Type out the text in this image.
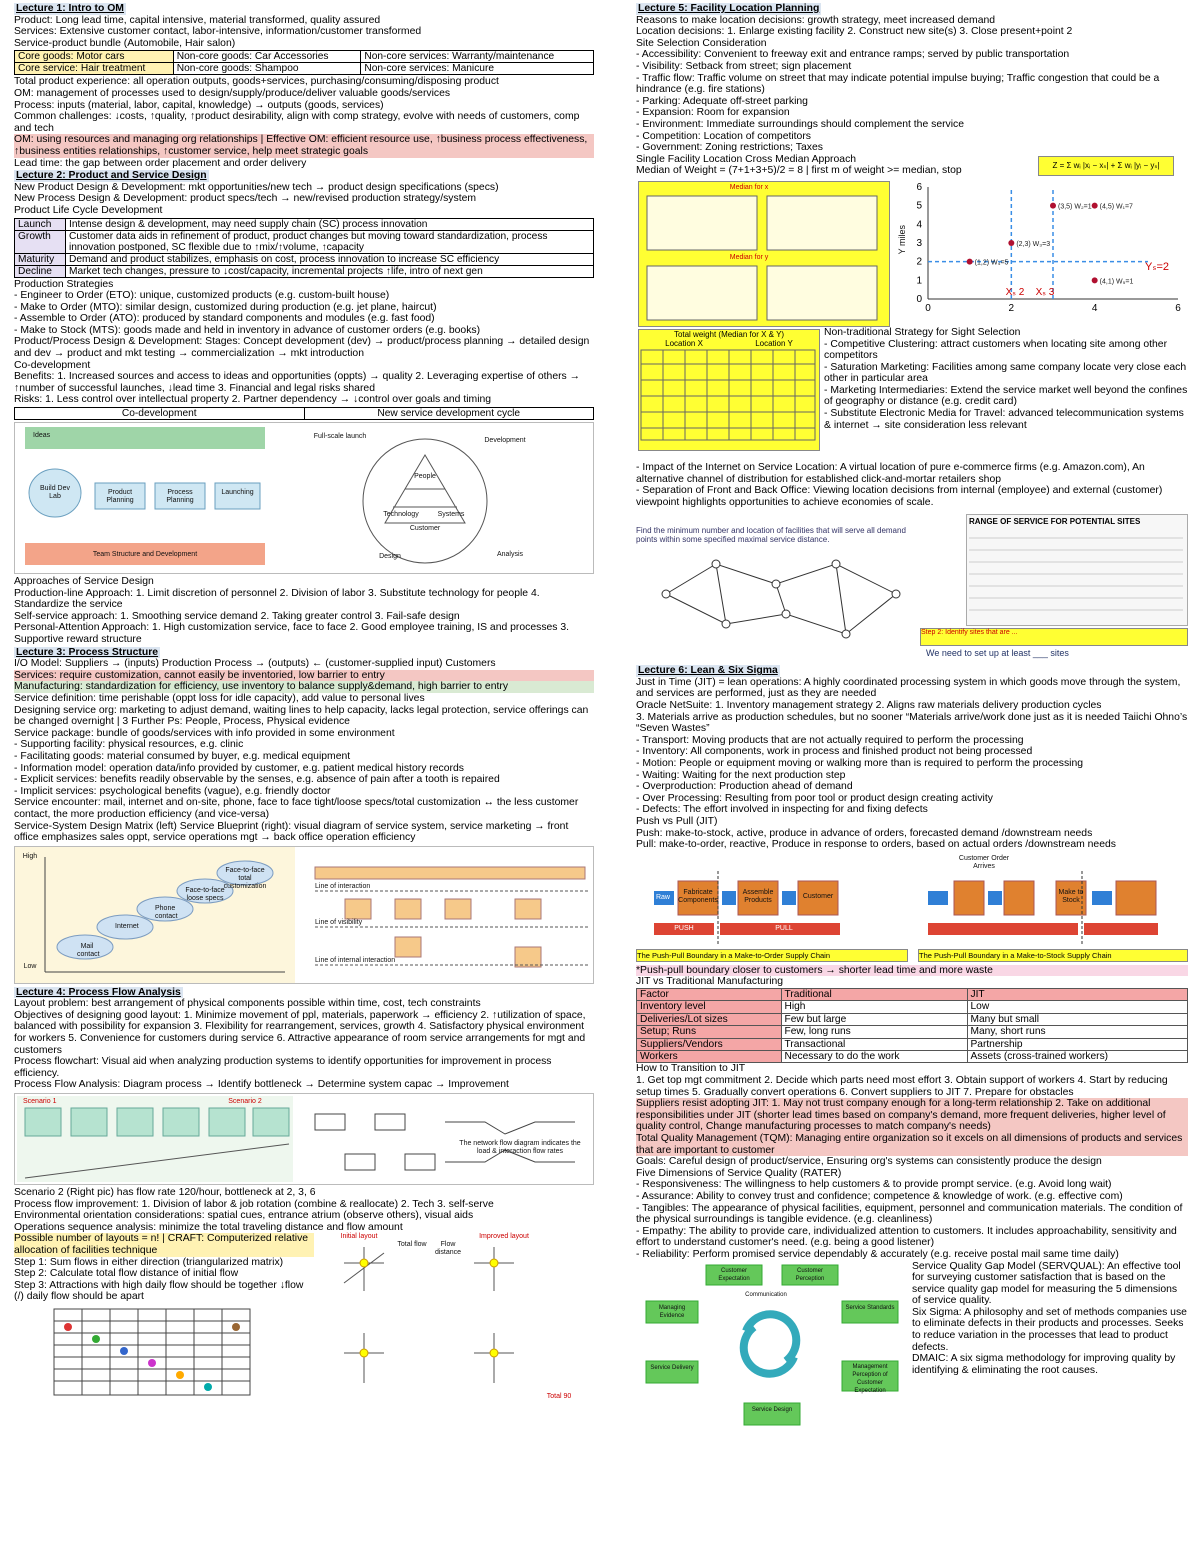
Lecture 1: Intro to OM
Product: Long lead time, capital intensive, material transformed, quality assured
Services: Extensive customer contact, labor-intensive, information/customer transformed
Service-product bundle (Automobile, Hair salon)
Core goods: Motor cars	Non-core goods: Car Accessories	Non-core services: Warranty/maintenance
Core service: Hair treatment	Non-core goods: Shampoo	Non-core services: Manicure
Total product experience: all operation outputs, goods+services, purchasing/consuming/disposing product
OM: management of processes used to design/supply/produce/deliver valuable goods/services
Process: inputs (material, labor, capital, knowledge) → outputs (goods, services)
Common challenges: ↓costs, ↑quality, ↑product desirability, align with comp strategy, evolve with needs of customers, comp and tech
OM: using resources and managing org relationships | Effective OM: efficient resource use, ↑business process effectiveness, ↑business entities relationships, ↑customer service, help meet strategic goals
Lead time: the gap between order placement and order delivery
Lecture 2: Product and Service Design
New Product Design & Development: mkt opportunities/new tech → product design specifications (specs)
New Process Design & Development: product specs/tech → new/revised production strategy/system
Product Life Cycle Development
Launch	Intense design & development, may need supply chain (SC) process innovation
Growth	Customer data aids in refinement of product, product changes but moving toward standardization, process innovation postponed, SC flexible due to ↑mix/↑volume, ↑capacity
Maturity	Demand and product stabilizes, emphasis on cost, process innovation to increase SC efficiency
Decline	Market tech changes, pressure to ↓cost/capacity, incremental projects ↑life, intro of next gen
Production Strategies
- Engineer to Order (ETO): unique, customized products (e.g. custom-built house)
- Make to Order (MTO): similar design, customized during production (e.g. jet plane, haircut)
- Assemble to Order (ATO): produced by standard components and modules (e.g. fast food)
- Make to Stock (MTS): goods made and held in inventory in advance of customer orders (e.g. books)
Product/Process Design & Development: Stages: Concept development (dev) → product/process planning → detailed design and dev → product and mkt testing → commercialization → mkt introduction
Co-development
Benefits: 1. Increased sources and access to ideas and opportunities (oppts) → quality 2. Leveraging expertise of others → ↑number of successful launches, ↓lead time 3. Financial and legal risks shared
Risks: 1. Less control over intellectual property 2. Partner dependency → ↓control over goals and timing
Co-development	New service development cycle
Team Structure and Development
Build Dev Lab
Product Planning
Process Planning
Launching
Full-scale launch
Development
Design	Analysis
People
Technology	Systems
Customer
Approaches of Service Design
Production-line Approach: 1. Limit discretion of personnel 2. Division of labor 3. Substitute technology for people 4. Standardize the service
Self-service approach: 1. Smoothing service demand 2. Taking greater control 3. Fail-safe design
Personal-Attention Approach: 1. High customization service, face to face 2. Good employee training, IS and processes 3. Supportive reward structure
Lecture 3: Process Structure
I/O Model: Suppliers → (inputs) Production Process → (outputs) ← (customer-supplied input) Customers
Services: require customization, cannot easily be inventoried, low barrier to entry
Manufacturing: standardization for efficiency, use inventory to balance supply&demand, high barrier to entry
Service definition: time perishable (oppt loss for idle capacity), add value to personal lives
Designing service org: marketing to adjust demand, waiting lines to help capacity, lacks legal protection, service offerings can be changed overnight | 3 Further Ps: People, Process, Physical evidence
Service package: bundle of goods/services with info provided in some environment
- Supporting facility: physical resources, e.g. clinic
- Facilitating goods: material consumed by buyer, e.g. medical equipment
- Information model: operation data/info provided by customer, e.g. patient medical history records
- Explicit services: benefits readily observable by the senses, e.g. absence of pain after a tooth is repaired
- Implicit services: psychological benefits (vague), e.g. friendly doctor
Service encounter: mail, internet and on-site, phone, face to face tight/loose specs/total customization ↔ the less customer contact, the more production efficiency (and vice-versa)
Service-System Design Matrix (left) Service Blueprint (right): visual diagram of service system, service marketing → front office emphasizes sales oppt, service operations mgt → back office operation efficiency
Mail contact
Internet
Phone contact
Face-to-face loose specs
Face-to-face total customization
Low
High
Line of interaction
Line of visibility
Line of internal interaction
Lecture 4: Process Flow Analysis
Layout problem: best arrangement of physical components possible within time, cost, tech constraints
Objectives of designing good layout: 1. Minimize movement of ppl, materials, paperwork → efficiency 2. ↑utilization of space, balanced with possibility for expansion 3. Flexibility for rearrangement, services, growth 4. Satisfactory physical environment for workers 5. Convenience for customers during service 6. Attractive appearance of room service arrangements for mgt and customers
Process flowchart: Visual aid when analyzing production systems to identify opportunities for improvement in process efficiency.
Process Flow Analysis: Diagram process → Identify bottleneck → Determine system capac → Improvement
Scenario 1	Scenario 2
The network flow diagram indicates the load & interaction flow rates
Scenario 2 (Right pic) has flow rate 120/hour, bottleneck at 2, 3, 6
Process flow improvement: 1. Division of labor & job rotation (combine & reallocate) 2. Tech 3. self-serve
Environmental orientation considerations: spatial cues, entrance atrium (observe others), visual aids
Operations sequence analysis: minimize the total traveling distance and flow amount
Possible number of layouts = n! | CRAFT: Computerized relative allocation of facilities technique
Step 1: Sum flows in either direction (triangularized matrix)
Step 2: Calculate total flow distance of initial flow
Step 3: Attractions with high daily flow should be together ↓flow (/) daily flow should be apart
Initial layout
Total flow	Flow distance
Improved layout
Total 90
Lecture 5: Facility Location Planning
Reasons to make location decisions: growth strategy, meet increased demand
Location decisions: 1. Enlarge existing facility 2. Construct new site(s) 3. Close present+point 2
Site Selection Consideration
- Accessibility: Convenient to freeway exit and entrance ramps; served by public transportation
- Visibility: Setback from street; sign placement
- Traffic flow: Traffic volume on street that may indicate potential impulse buying; Traffic congestion that could be a hindrance (e.g. fire stations)
- Parking: Adequate off-street parking
- Expansion: Room for expansion
- Environment: Immediate surroundings should complement the service
- Competition: Location of competitors
- Government: Zoning restrictions; Taxes
Single Facility Location Cross Median Approach
Median of Weight = (7+1+3+5)/2 = 8 | first m of weight >= median, stop
Z = Σ wᵢ |xᵢ − xₛ| + Σ wᵢ |yᵢ − yₛ|
Median for x
Median for y
0	2	4	6
0
1
2
3
4
5
6
(2,3) W₃=3
(3,5) W₂=1 (4,5) W₁=7
(1,2) W₄=5
(4,1) W₅=1
Y miles
Yₛ=2
Xₛ 2	Xₛ 3
Total weight (Median for X & Y)
Location X	Location Y
Non-traditional Strategy for Sight Selection
- Competitive Clustering: attract customers when locating site among other competitors
- Saturation Marketing: Facilities among same company locate very close each other in particular area
- Marketing Intermediaries: Extend the service market well beyond the confines of geography or distance (e.g. credit card)
- Substitute Electronic Media for Travel: advanced telecommunication systems & internet → site consideration less relevant
- Impact of the Internet on Service Location: A virtual location of pure e-commerce firms (e.g. Amazon.com), An alternative channel of distribution for established click-and-mortar retailers shop
- Separation of Front and Back Office: Viewing location decisions from internal (employee) and external (customer) viewpoint highlights opportunities to achieve economies of scale.
Find the minimum number and location of facilities that will serve all demand points within some specified maximal service distance.
RANGE OF SERVICE FOR POTENTIAL SITES
Step 2: Identify sites that are ...
We need to set up at least ___ sites
Lecture 6: Lean & Six Sigma
Just in Time (JIT) = lean operations: A highly coordinated processing system in which goods move through the system, and services are performed, just as they are needed
Oracle NetSuite: 1. Inventory management strategy 2. Aligns raw materials delivery production cycles
3. Materials arrive as production schedules, but no sooner “Materials arrive/work done just as it is needed Taiichi Ohno’s “Seven Wastes”
- Transport: Moving products that are not actually required to perform the processing
- Inventory: All components, work in process and finished product not being processed
- Motion: People or equipment moving or walking more than is required to perform the processing
- Waiting: Waiting for the next production step
- Overproduction: Production ahead of demand
- Over Processing: Resulting from poor tool or product design creating activity
- Defects: The effort involved in inspecting for and fixing defects
Push vs Pull (JIT)
Push: make-to-stock, active, produce in advance of orders, forecasted demand /downstream needs
Pull: make-to-order, reactive, Produce in response to orders, based on actual orders /downstream needs
Raw
Fabricate Components
Assemble Products
Customer
PUSH	PULL
Make to Stock
Customer Order Arrives
The Push-Pull Boundary in a Make-to-Order Supply Chain	The Push-Pull Boundary in a Make-to-Stock Supply Chain
*Push-pull boundary closer to customers → shorter lead time and more waste
JIT vs Traditional Manufacturing
Factor	Traditional	JIT
Inventory level	High	Low
Deliveries/Lot sizes	Few but large	Many but small
Setup; Runs	Few, long runs	Many, short runs
Suppliers/Vendors	Transactional	Partnership
Workers	Necessary to do the work	Assets (cross-trained workers)
How to Transition to JIT
1. Get top mgt commitment 2. Decide which parts need most effort 3. Obtain support of workers 4. Start by reducing setup times 5. Gradually convert operations 6. Convert suppliers to JIT 7. Prepare for obstacles
Suppliers resist adopting JIT: 1. May not trust company enough for a long-term relationship 2. Take on additional responsibilities under JIT (shorter lead times based on company's demand, more frequent deliveries, higher level of quality control, Change manufacturing processes to match company's needs)
Total Quality Management (TQM): Managing entire organization so it excels on all dimensions of products and services that are important to customer
Goals: Careful design of product/service, Ensuring org's systems can consistently produce the design
Five Dimensions of Service Quality (RATER)
- Responsiveness: The willingness to help customers & to provide prompt service. (e.g. Avoid long wait)
- Assurance: Ability to convey trust and confidence; competence & knowledge of work. (e.g. effective com)
- Tangibles: The appearance of physical facilities, equipment, personnel and communication materials. The condition of the physical surroundings is tangible evidence. (e.g. cleanliness)
- Empathy: The ability to provide care, individualized attention to customers. It includes approachability, sensitivity and effort to understand customer's need. (e.g. being a good listener)
- Reliability: Perform promised service dependably & accurately (e.g. receive postal mail same time daily)
Customer Expectation
Customer Perception
Managing Evidence
Service Delivery
Service Standards
Management Perception of Customer Expectation
Service Design
Communication
Service Quality Gap Model (SERVQUAL): An effective tool for surveying customer satisfaction that is based on the service quality gap model for measuring the 5 dimensions of service quality.
Six Sigma: A philosophy and set of methods companies use to eliminate defects in their products and processes. Seeks to reduce variation in the processes that lead to product defects.
DMAIC: A six sigma methodology for improving quality by identifying & eliminating the root causes.
